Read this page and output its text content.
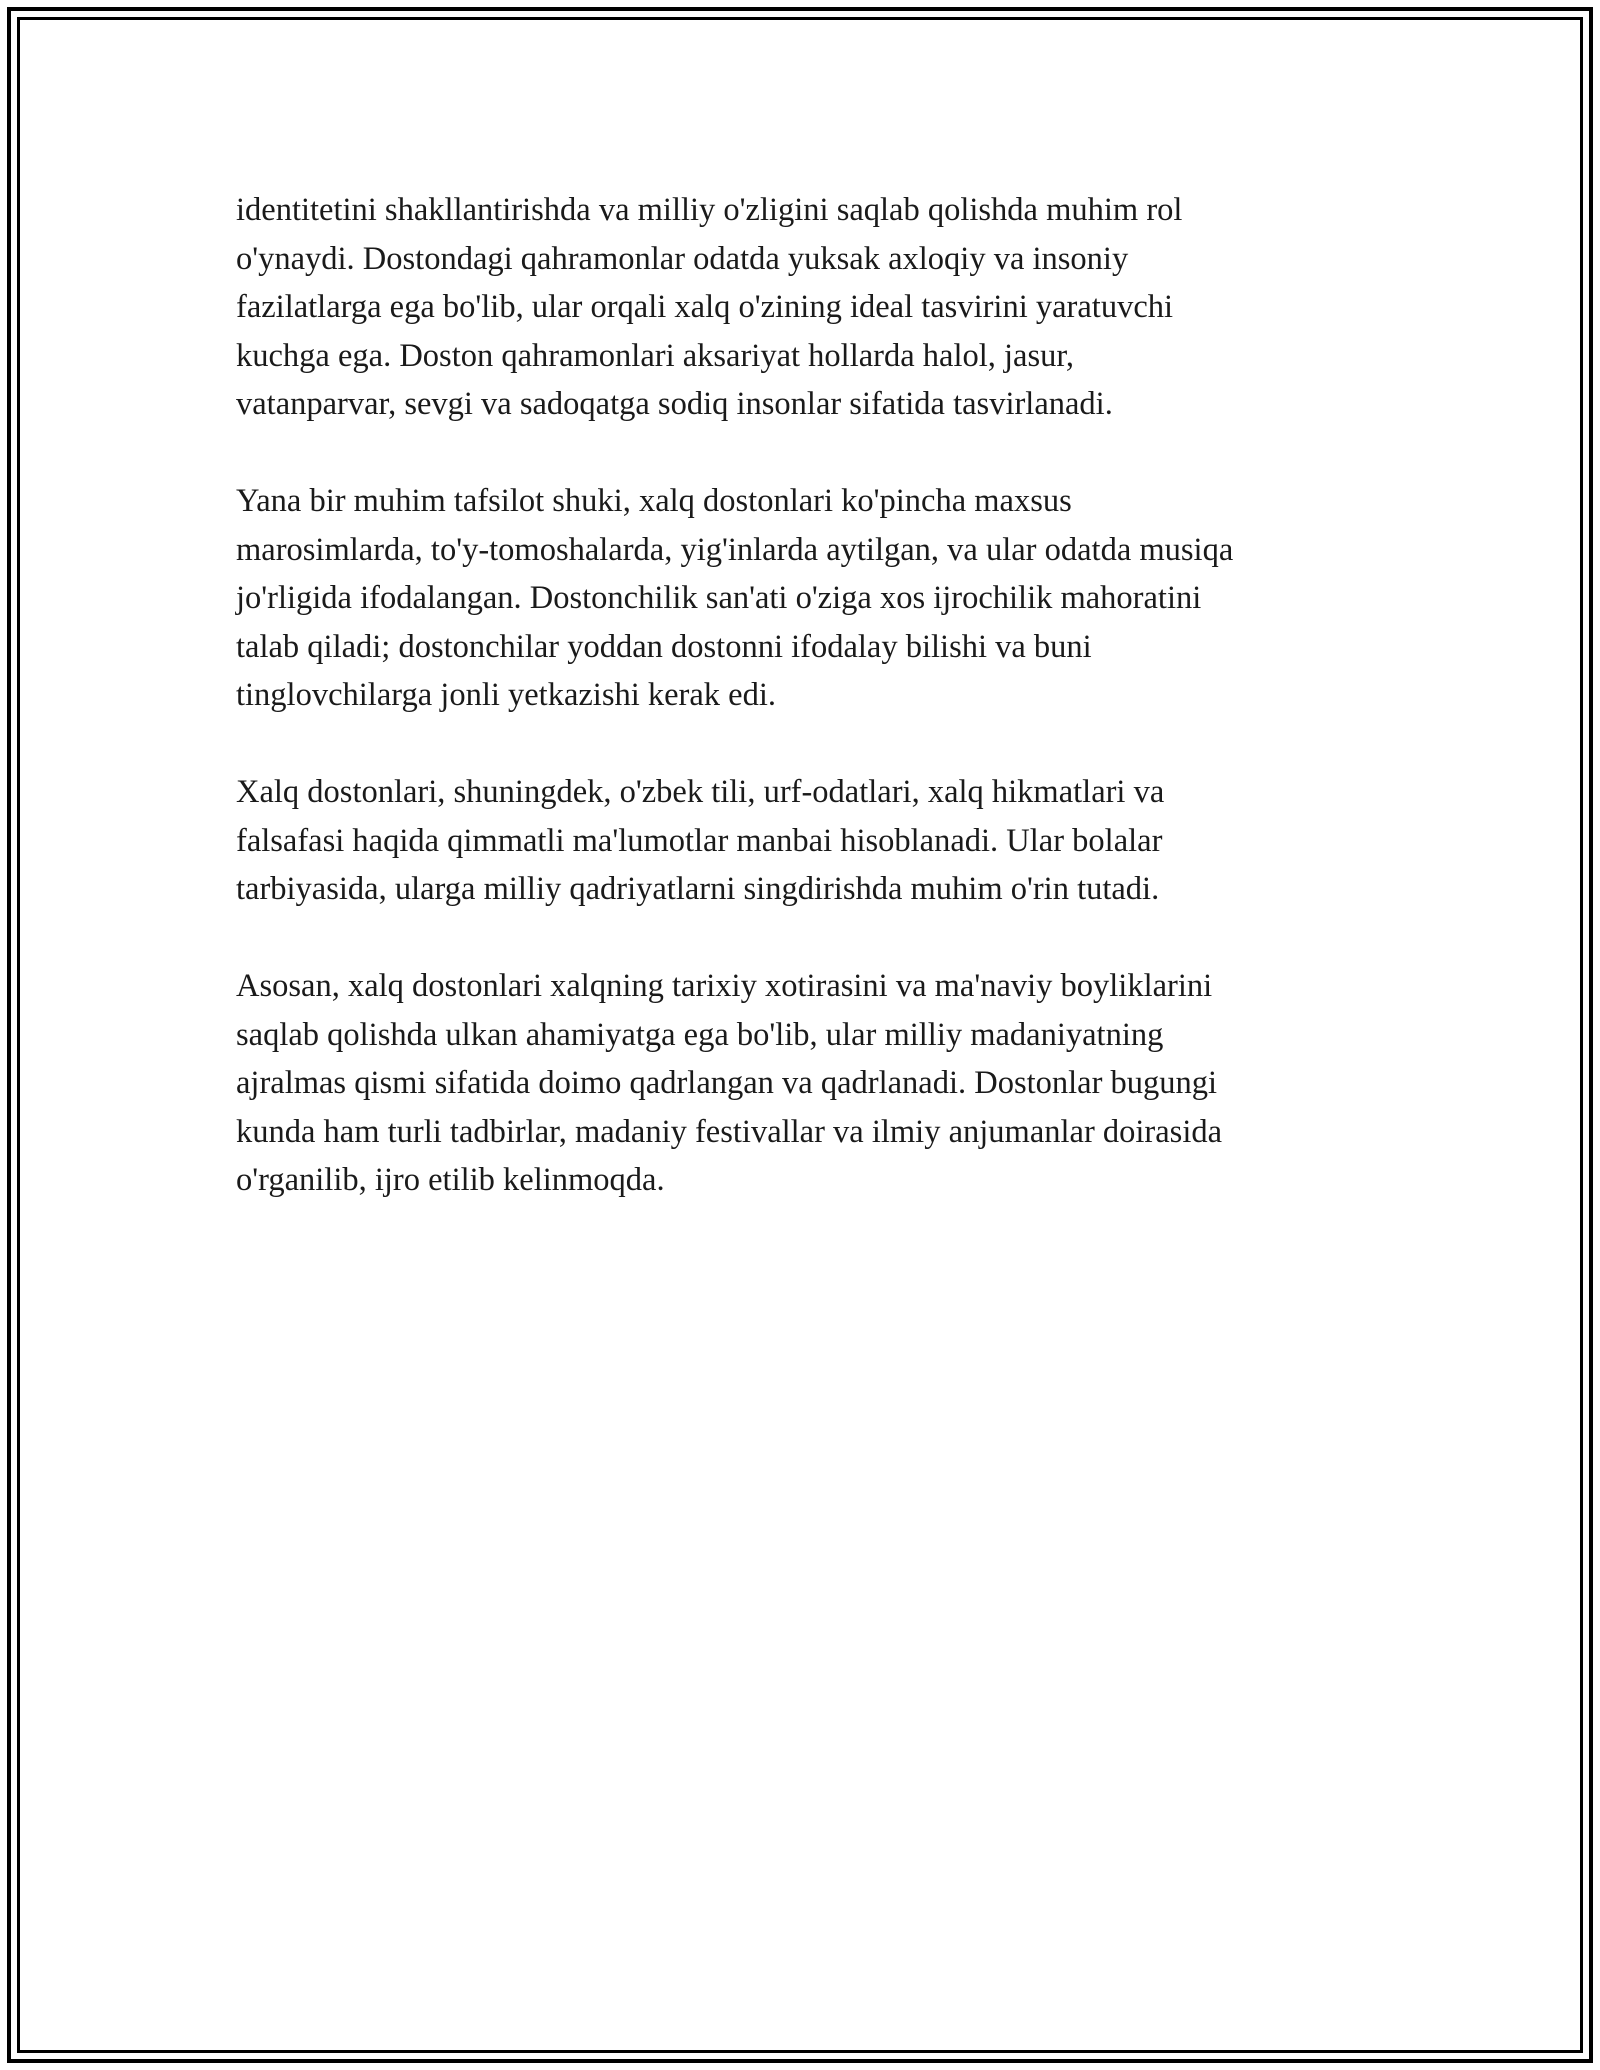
identitetini shakllantirishda va milliy o'zligini saqlab qolishda muhim rol
o'ynaydi. Dostondagi qahramonlar odatda yuksak axloqiy va insoniy
fazilatlarga ega bo'lib, ular orqali xalq o'zining ideal tasvirini yaratuvchi
kuchga ega. Doston qahramonlari aksariyat hollarda halol, jasur,
vatanparvar, sevgi va sadoqatga sodiq insonlar sifatida tasvirlanadi.

Yana bir muhim tafsilot shuki, xalq dostonlari ko'pincha maxsus
marosimlarda, to'y-tomoshalarda, yig'inlarda aytilgan, va ular odatda musiqa
jo'rligida ifodalangan. Dostonchilik san'ati o'ziga xos ijrochilik mahoratini
talab qiladi; dostonchilar yoddan dostonni ifodalay bilishi va buni
tinglovchilarga jonli yetkazishi kerak edi.

Xalq dostonlari, shuningdek, o'zbek tili, urf-odatlari, xalq hikmatlari va
falsafasi haqida qimmatli ma'lumotlar manbai hisoblanadi. Ular bolalar
tarbiyasida, ularga milliy qadriyatlarni singdirishda muhim o'rin tutadi.

Asosan, xalq dostonlari xalqning tarixiy xotirasini va ma'naviy boyliklarini
saqlab qolishda ulkan ahamiyatga ega bo'lib, ular milliy madaniyatning
ajralmas qismi sifatida doimo qadrlangan va qadrlanadi. Dostonlar bugungi
kunda ham turli tadbirlar, madaniy festivallar va ilmiy anjumanlar doirasida
o'rganilib, ijro etilib kelinmoqda.
